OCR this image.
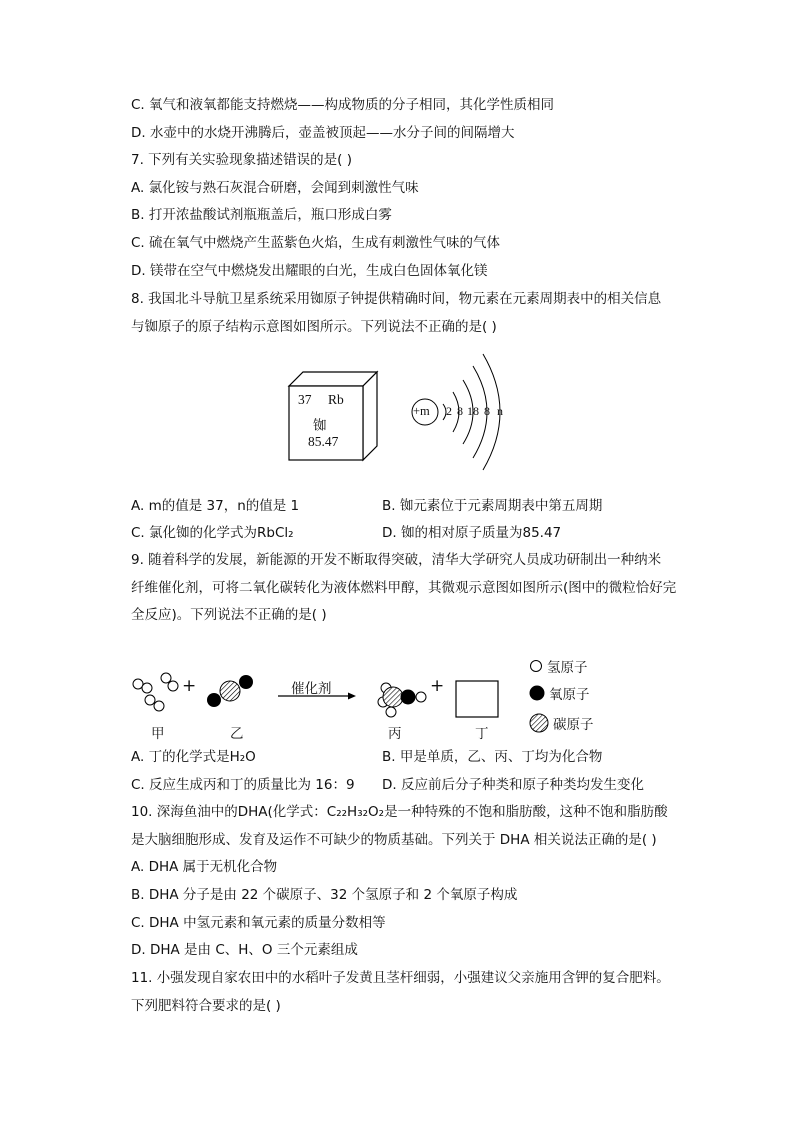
C. 氧气和液氧都能支持燃烧——构成物质的分子相同，其化学性质相同
D. 水壶中的水烧开沸腾后，壶盖被顶起——水分子间的间隔增大
7. 下列有关实验现象描述错误的是( )
A. 氯化铵与熟石灰混合研磨，会闻到刺激性气味
B. 打开浓盐酸试剂瓶瓶盖后，瓶口形成白雾
C. 硫在氧气中燃烧产生蓝紫色火焰，生成有刺激性气味的气体
D. 镁带在空气中燃烧发出耀眼的白光，生成白色固体氧化镁
8. 我国北斗导航卫星系统采用铷原子钟提供精确时间，物元素在元素周期表中的相关信息
与铷原子的原子结构示意图如图所示。下列说法不正确的是( )
37 Rb
铷
85.47
+m 2 8 18 8 n
A. m的值是 37，n的值是 1	B. 铷元素位于元素周期表中第五周期
C. 氯化铷的化学式为RbCl₂	D. 铷的相对原子质量为85.47
9. 随着科学的发展，新能源的开发不断取得突破，清华大学研究人员成功研制出一种纳米
纤维催化剂，可将二氧化碳转化为液体燃料甲醇，其微观示意图如图所示(图中的微粒恰好完
全反应)。下列说法不正确的是( )
+	+
催化剂
甲	乙	丙	丁
氢原子
氧原子
碳原子
A. 丁的化学式是H₂O	B. 甲是单质，乙、丙、丁均为化合物
C. 反应生成丙和丁的质量比为 16：9 D. 反应前后分子种类和原子种类均发生变化
10. 深海鱼油中的DHA(化学式：C₂₂H₃₂O₂是一种特殊的不饱和脂肪酸，这种不饱和脂肪酸
是大脑细胞形成、发育及运作不可缺少的物质基础。下列关于 DHA 相关说法正确的是( )
A. DHA 属于无机化合物
B. DHA 分子是由 22 个碳原子、32 个氢原子和 2 个氧原子构成
C. DHA 中氢元素和氧元素的质量分数相等
D. DHA 是由 C、H、O 三个元素组成
11. 小强发现自家农田中的水稻叶子发黄且茎杆细弱，小强建议父亲施用含钾的复合肥料。
下列肥料符合要求的是( )
